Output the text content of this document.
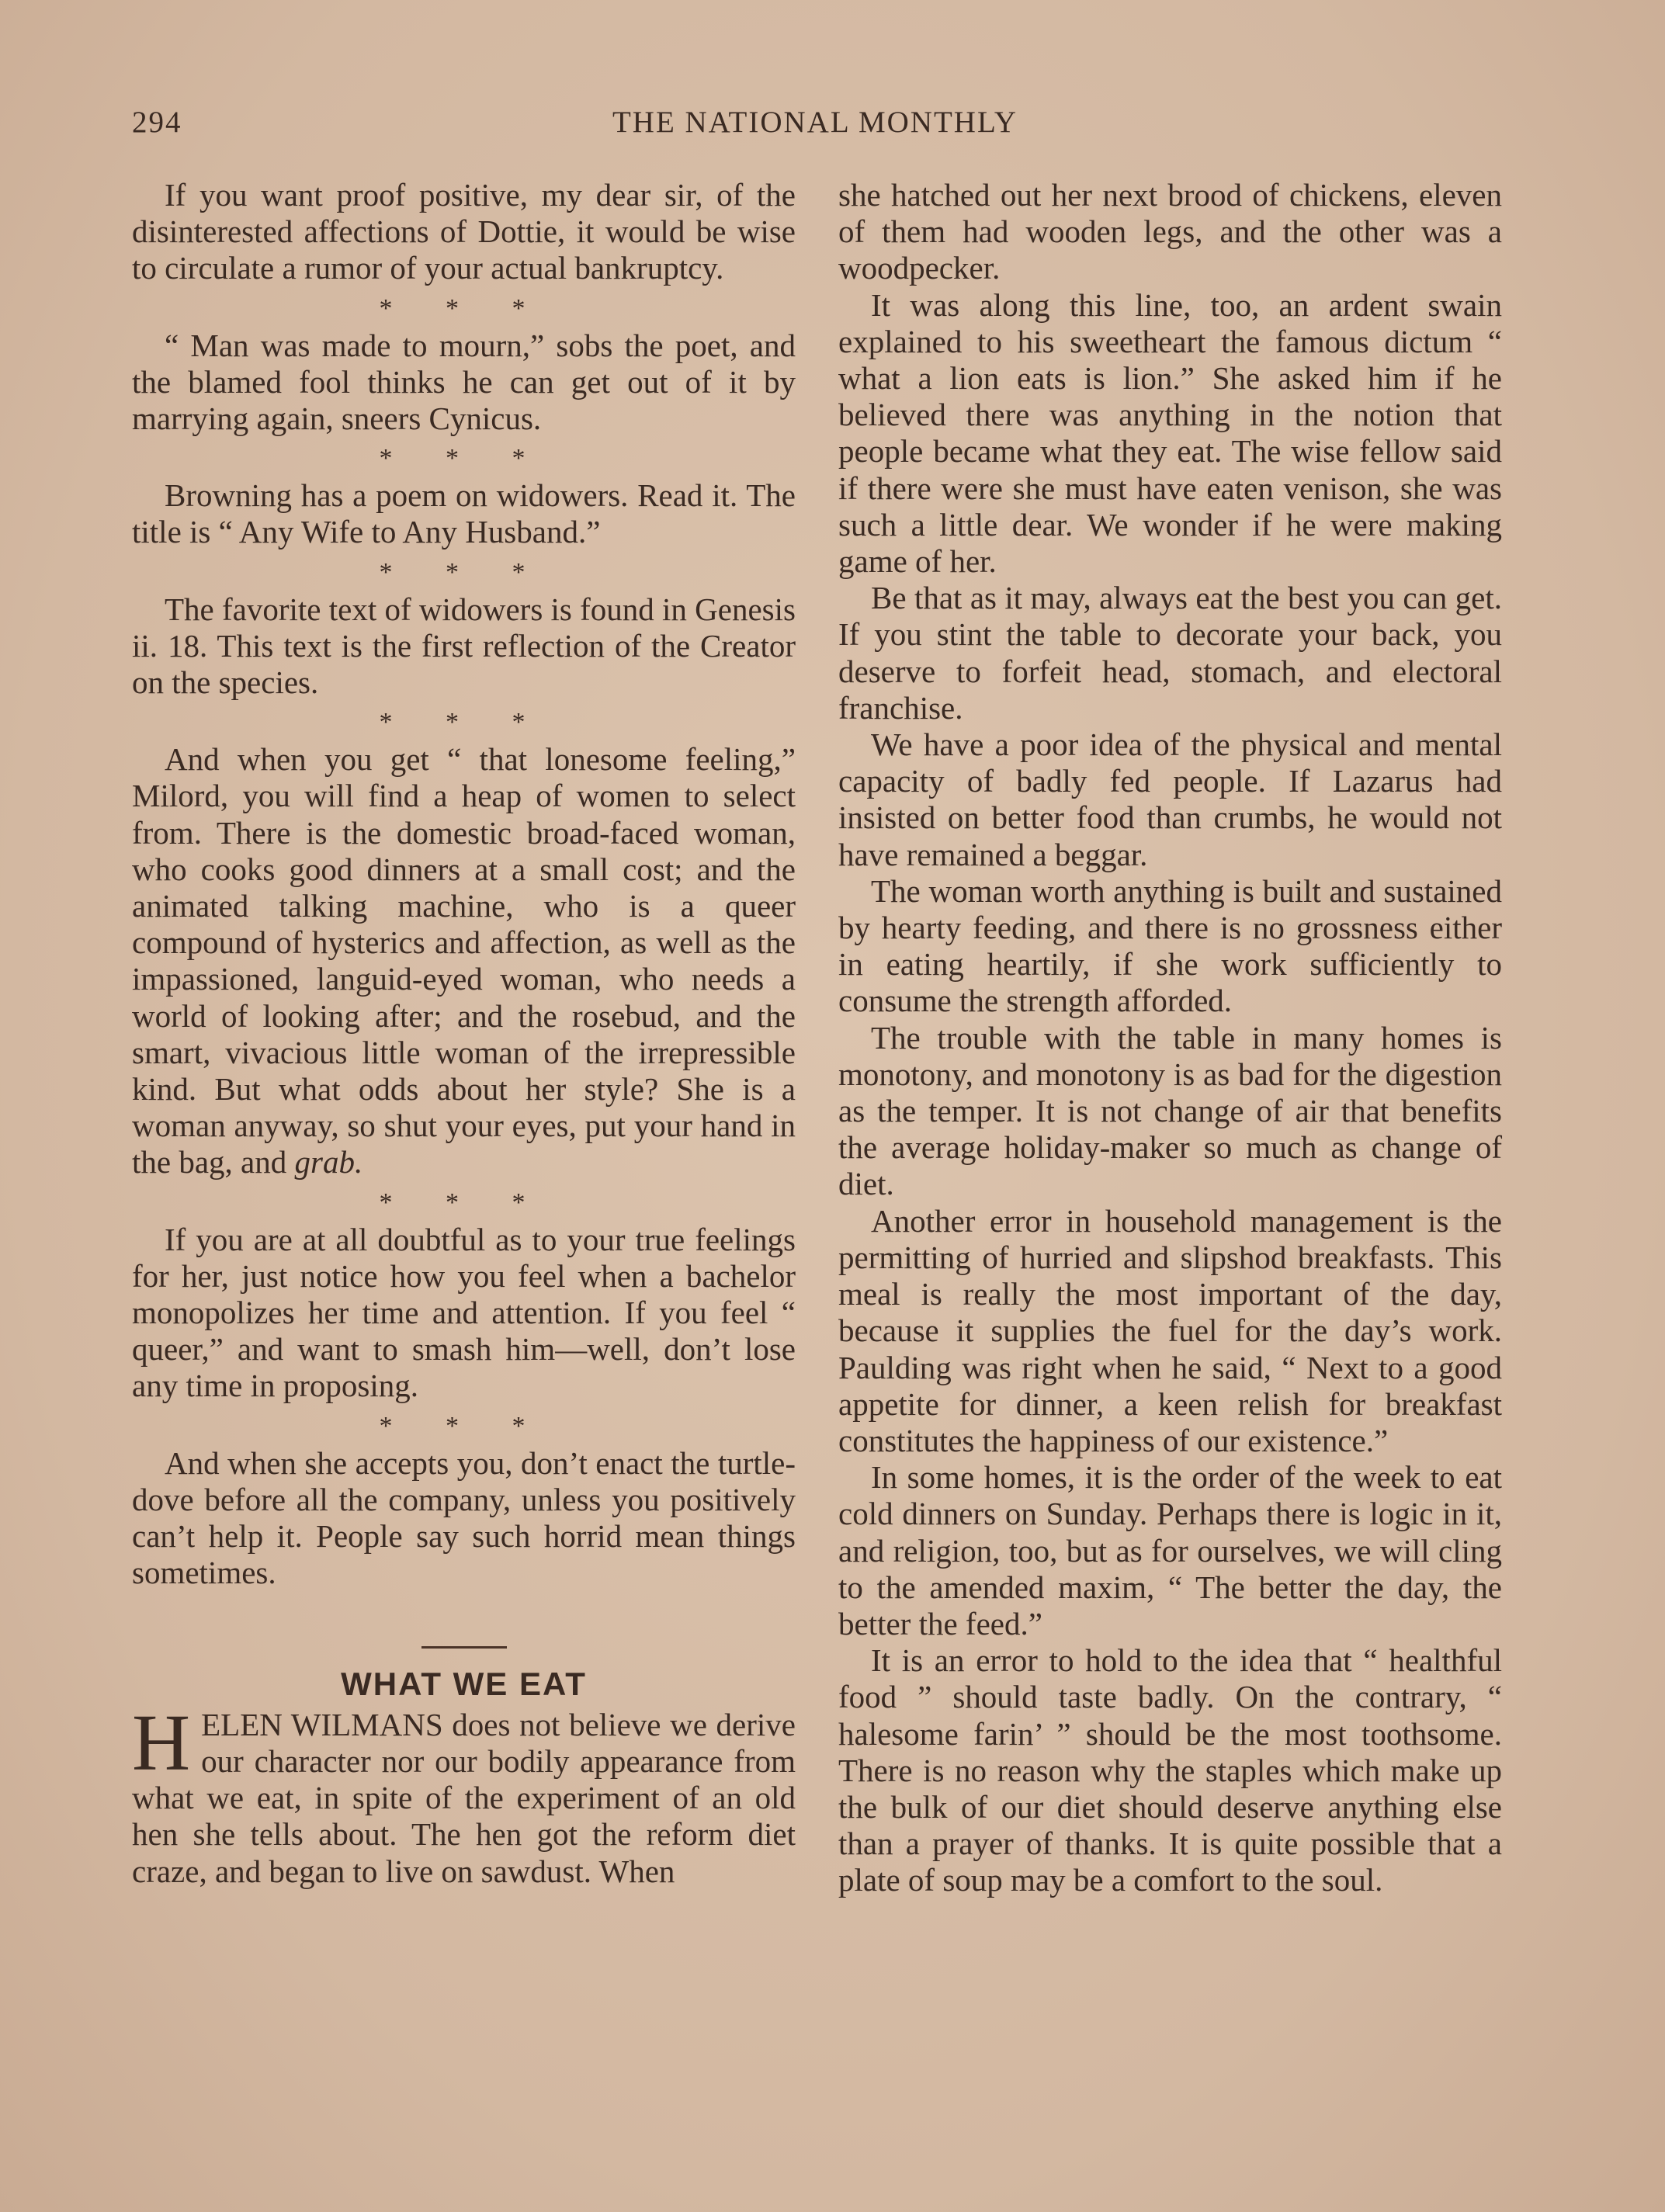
294	THE NATIONAL MONTHLY

If you want proof positive, my dear sir, of the disinterested affections of Dottie, it would be wise to circulate a rumor of your actual bankruptcy.

* * *

“ Man was made to mourn,” sobs the poet, and the blamed fool thinks he can get out of it by marrying again, sneers Cynicus.

* * *

Browning has a poem on widowers. Read it. The title is “ Any Wife to Any Husband.”

* * *

The favorite text of widowers is found in Genesis ii. 18. This text is the first reflection of the Creator on the species.

* * *

And when you get “ that lonesome feeling,” Milord, you will find a heap of women to select from. There is the domestic broad-faced woman, who cooks good dinners at a small cost; and the animated talking machine, who is a queer compound of hysterics and affection, as well as the impassioned, languid-eyed woman, who needs a world of looking after; and the rosebud, and the smart, vivacious little woman of the irrepressible kind. But what odds about her style? She is a woman anyway, so shut your eyes, put your hand in the bag, and grab.

* * *

If you are at all doubtful as to your true feelings for her, just notice how you feel when a bachelor monopolizes her time and attention. If you feel “ queer,” and want to smash him—well, don’t lose any time in proposing.

* * *

And when she accepts you, don’t enact the turtle-dove before all the company, unless you positively can’t help it. People say such horrid mean things sometimes.

WHAT WE EAT

HELEN WILMANS does not believe we derive our character nor our bodily appearance from what we eat, in spite of the experiment of an old hen she tells about. The hen got the reform diet craze, and began to live on sawdust. When

she hatched out her next brood of chickens, eleven of them had wooden legs, and the other was a woodpecker.

It was along this line, too, an ardent swain explained to his sweetheart the famous dictum “ what a lion eats is lion.” She asked him if he believed there was anything in the notion that people became what they eat. The wise fellow said if there were she must have eaten venison, she was such a little dear. We wonder if he were making game of her.

Be that as it may, always eat the best you can get. If you stint the table to decorate your back, you deserve to forfeit head, stomach, and electoral franchise.

We have a poor idea of the physical and mental capacity of badly fed people. If Lazarus had insisted on better food than crumbs, he would not have remained a beggar.

The woman worth anything is built and sustained by hearty feeding, and there is no grossness either in eating heartily, if she work sufficiently to consume the strength afforded.

The trouble with the table in many homes is monotony, and monotony is as bad for the digestion as the temper. It is not change of air that benefits the average holiday-maker so much as change of diet.

Another error in household management is the permitting of hurried and slipshod breakfasts. This meal is really the most important of the day, because it supplies the fuel for the day’s work. Paulding was right when he said, “ Next to a good appetite for dinner, a keen relish for breakfast constitutes the happiness of our existence.”

In some homes, it is the order of the week to eat cold dinners on Sunday. Perhaps there is logic in it, and religion, too, but as for ourselves, we will cling to the amended maxim, “ The better the day, the better the feed.”

It is an error to hold to the idea that “ healthful food ” should taste badly. On the contrary, “ halesome farin’ ” should be the most toothsome. There is no reason why the staples which make up the bulk of our diet should deserve anything else than a prayer of thanks. It is quite possible that a plate of soup may be a comfort to the soul.
